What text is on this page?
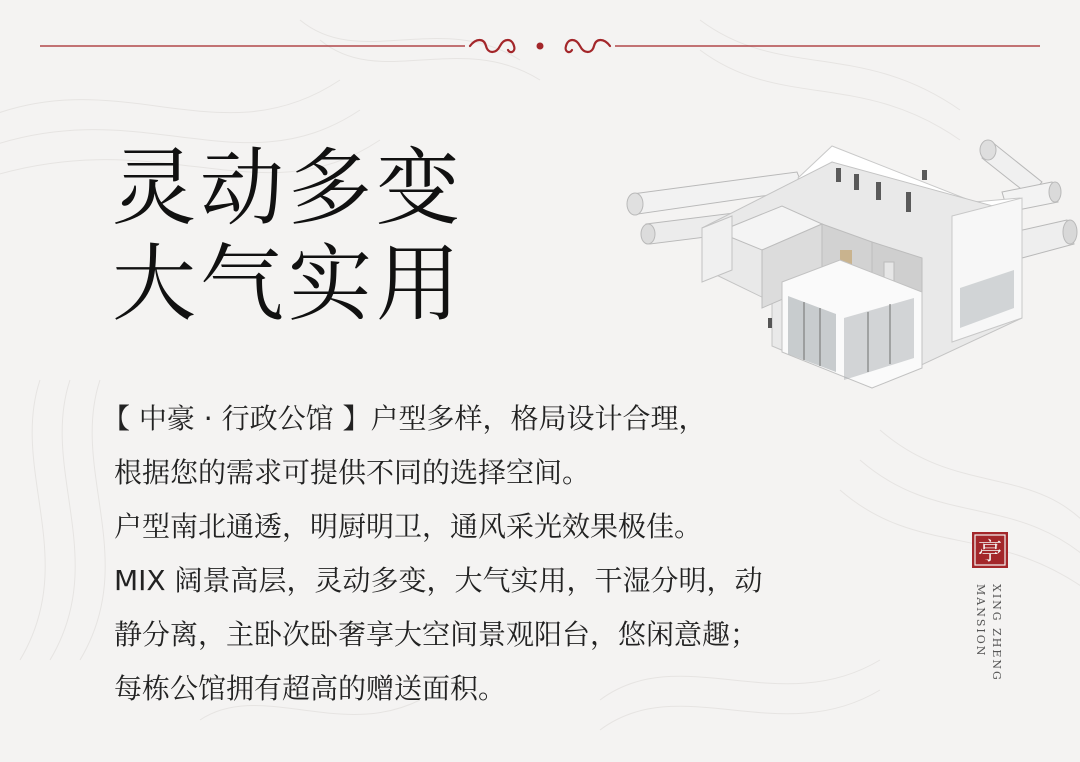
灵动多变
大气实用
【 中豪 · 行政公馆 】户型多样，格局设计合理，
根据您的需求可提供不同的选择空间。
户型南北通透，明厨明卫，通风采光效果极佳。
MIX 阔景高层，灵动多变，大气实用，干湿分明，动
静分离，主卧次卧奢享大空间景观阳台，悠闲意趣；
每栋公馆拥有超高的赠送面积。
亭
XING ZHENG
MANSION
